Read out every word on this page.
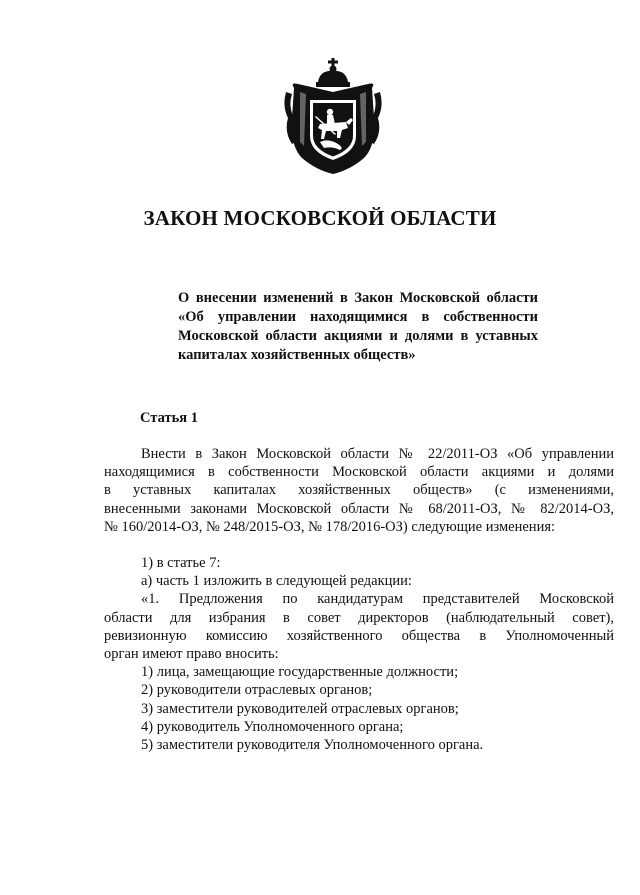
ЗАКОН МОСКОВСКОЙ ОБЛАСТИ
О внесении изменений в Закон Московской области
«Об управлении находящимися в собственности
Московской области акциями и долями в уставных
капиталах хозяйственных обществ»
Статья 1

Внести в Закон Московской области № 22/2011-ОЗ «Об управлении

находящимися в собственности Московской области акциями и долями

в уставных капиталах хозяйственных обществ» (с изменениями,

внесенными законами Московской области № 68/2011-ОЗ, № 82/2014-ОЗ,

№ 160/2014-ОЗ, № 248/2015-ОЗ, № 178/2016-ОЗ) следующие изменения:

1) в статье 7:

а) часть 1 изложить в следующей редакции:

«1. Предложения по кандидатурам представителей Московской

области для избрания в совет директоров (наблюдательный совет),

ревизионную комиссию хозяйственного общества в Уполномоченный

орган имеют право вносить:

1) лица, замещающие государственные должности;

2) руководители отраслевых органов;

3) заместители руководителей отраслевых органов;

4) руководитель Уполномоченного органа;

5) заместители руководителя Уполномоченного органа.
